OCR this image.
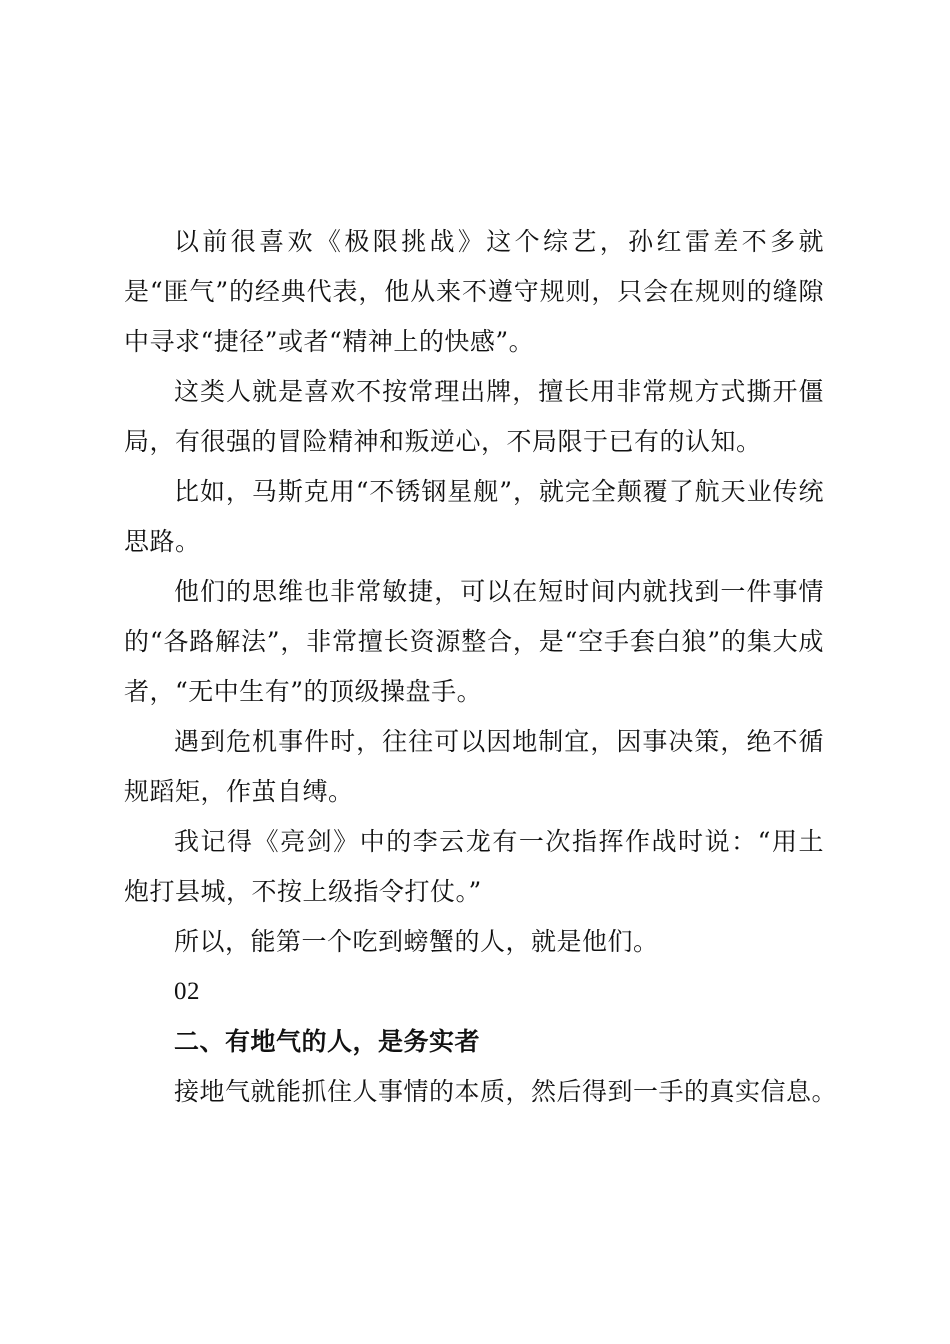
以前很喜欢《极限挑战》这个综艺，孙红雷差不多就是“匪气”的经典代表，他从来不遵守规则，只会在规则的缝隙中寻求“捷径”或者“精神上的快感”。

这类人就是喜欢不按常理出牌，擅长用非常规方式撕开僵局，有很强的冒险精神和叛逆心，不局限于已有的认知。

比如，马斯克用“不锈钢星舰”，就完全颠覆了航天业传统思路。

他们的思维也非常敏捷，可以在短时间内就找到一件事情的“各路解法”，非常擅长资源整合，是“空手套白狼”的集大成者，“无中生有”的顶级操盘手。

遇到危机事件时，往往可以因地制宜，因事决策，绝不循规蹈矩，作茧自缚。

我记得《亮剑》中的李云龙有一次指挥作战时说：“用土炮打县城，不按上级指令打仗。”

所以，能第一个吃到螃蟹的人，就是他们。

02

二、有地气的人，是务实者

接地气就能抓住人事情的本质，然后得到一手的真实信息。
